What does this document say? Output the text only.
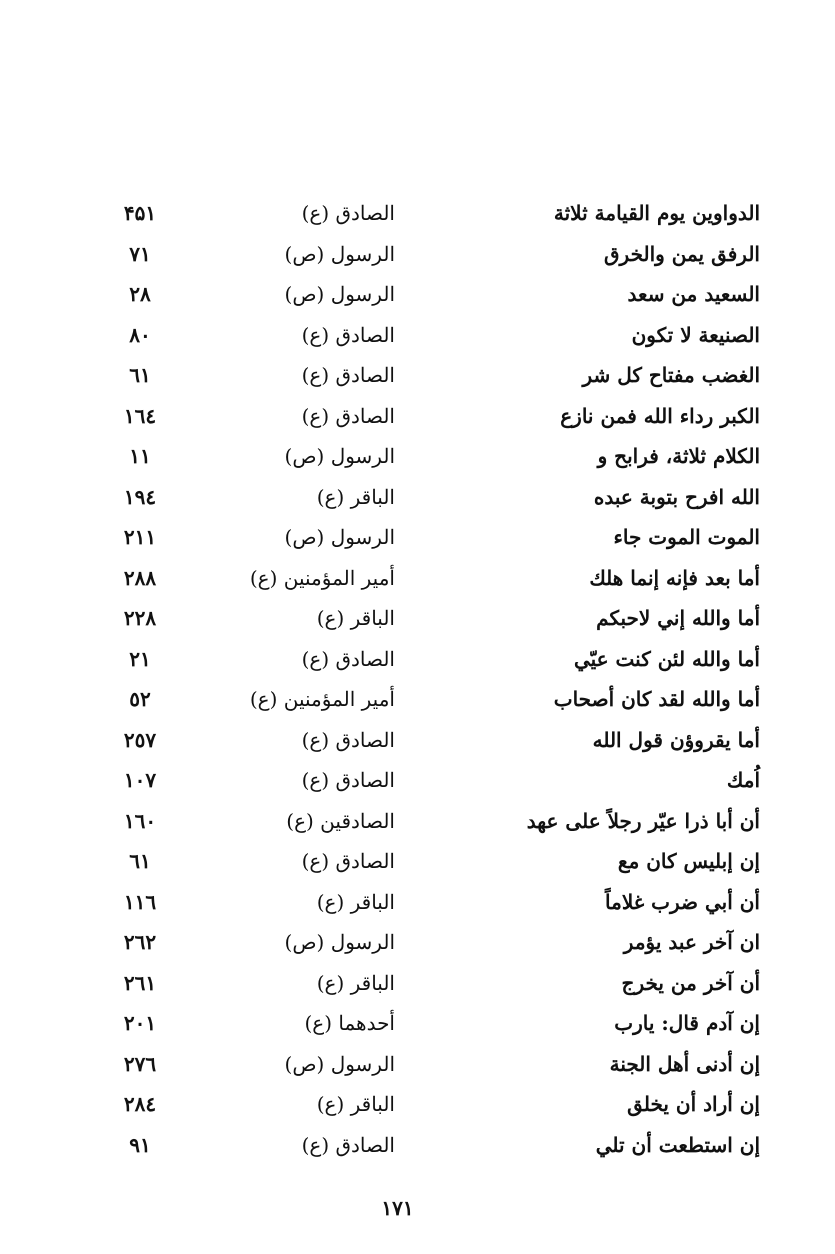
الدواوين يوم القيامة ثلاثة
الصادق (ع)
۴۵۱
الرفق يمن والخرق
الرسول (ص)
٧١
السعيد من سعد
الرسول (ص)
٢٨
الصنيعة لا تكون
الصادق (ع)
٨٠
الغضب مفتاح كل شر
الصادق (ع)
٦١
الكبر رداء الله فمن نازع
الصادق (ع)
١٦٤
الكلام ثلاثة، فرابح و
الرسول (ص)
١١
الله افرح بتوبة عبده
الباقر (ع)
١٩٤
الموت الموت جاء
الرسول (ص)
٢١١
أما بعد فإنه إنما هلك
أمير المؤمنين (ع)
٢٨٨
أما والله إني لاحبكم
الباقر (ع)
٢٢٨
أما والله لئن كنت عيّي
الصادق (ع)
٢١
أما والله لقد كان أصحاب
أمير المؤمنين (ع)
٥٢
أما يقروؤن قول الله
الصادق (ع)
٢٥٧
اُمك
الصادق (ع)
١٠٧
أن أبا ذرا عيّر رجلاً على عهد
الصادقين (ع)
١٦٠
إن إبليس كان مع
الصادق (ع)
٦١
أن أبي ضرب غلاماً
الباقر (ع)
١١٦
ان آخر عبد يؤمر
الرسول (ص)
٢٦٢
أن آخر من يخرج
الباقر (ع)
٢٦١
إن آدم قال: يارب
أحدهما (ع)
٢٠١
إن أدنى أهل الجنة
الرسول (ص)
٢٧٦
إن أراد أن يخلق
الباقر (ع)
٢٨٤
إن استطعت أن تلي
الصادق (ع)
٩١
١٧١
